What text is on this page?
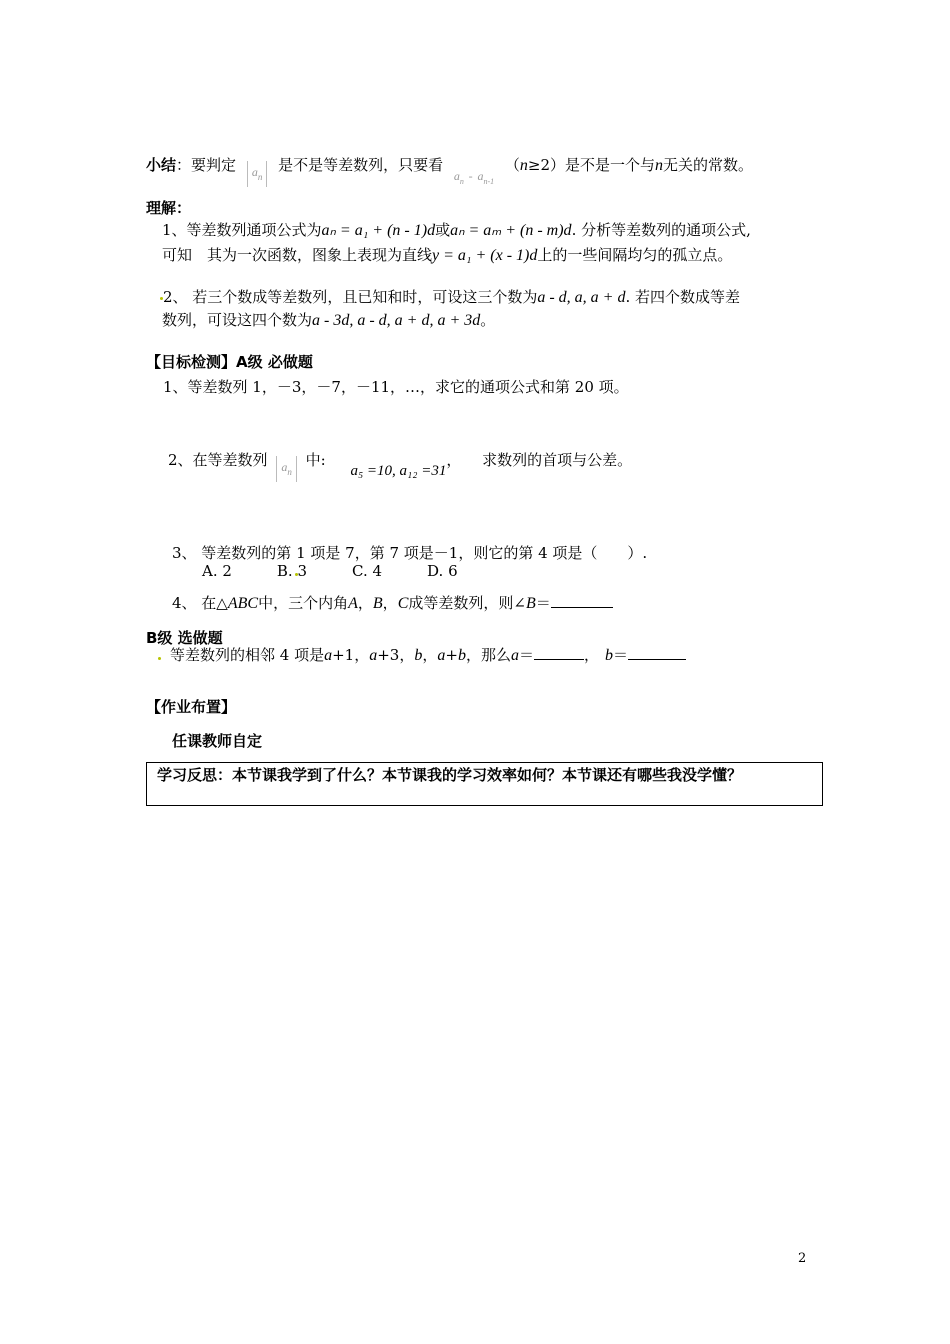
小结：要判定 $a_n$ 是不是等差数列，只要看 $a_n - a_{n-1}$ （n≥2）是不是一个与n无关的常数。
理解：
1、等差数列通项公式为aₙ = a₁ + (n - 1)d或aₙ = aₘ + (n - m)d. 分析等差数列的通项公式,
可知　其为一次函数，图象上表现为直线y = a₁ + (x - 1)d上的一些间隔均匀的孤立点。
2、 若三个数成等差数列，且已知和时，可设这三个数为a - d, a, a + d. 若四个数成等差
数列，可设这四个数为a - 3d, a - d, a + d, a + 3d。
【目标检测】A级 必做题
1、等差数列 1，－3，－7，－11，…，求它的通项公式和第 20 项。
2、在等差数列 $a_n$ 中: a₅ =10, a₁₂ =31， 求数列的首项与公差。
3、 等差数列的第 1 项是 7，第 7 项是－1，则它的第 4 项是（　　）.
A. 2　　　B. 3　　　C. 4　　　D. 6
4、 在△ABC中，三个内角A，B，C成等差数列，则∠B＝
B级 选做题
等差数列的相邻 4 项是a+1，a+3，b，a+b，那么a＝	， b＝
【作业布置】
任课教师自定
学习反思：本节课我学到了什么？本节课我的学习效率如何？本节课还有哪些我没学懂？
2
